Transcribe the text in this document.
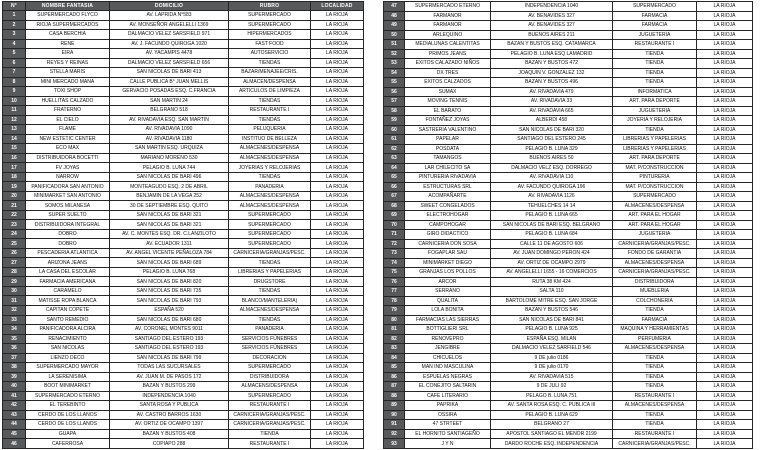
N°	NOMBRE FANTASIA	DOMICILIO	RUBRO	LOCALIDAD
1	SUPERMERCADO FLYCO	AV. LAPRIDA N°583	SUPERMERCADO	LA RIOJA
2	RIOJA SUPERMERCADOS	AV. MONSEÑOR ANGELELLI 1369	SUPERMERCADO	LA RIOJA
3	CASA BERCHIA	DALMACIO VELEZ SARSFIELD 971	HIPERMERCADOS	LA RIOJA
4	RENE	AV. J. FACUNDO QUIROGA 1020	FAST FOOD	LA RIOJA
5	EIRA	AV. YACAMPIS 4478	AUTOSERVICIO	LA RIOJA
6	REYES Y REINAS	DALMACIO VELEZ SARSFIELD 656	TIENDAS	LA RIOJA
7	STELLA MARIS	SAN NICOLAS DE BARI 413	BAZAR/MENAJEE/CRIS.	LA RIOJA
8	MINI MERCADO MANA	CALLE PUBLICA B° JUAN MELLIS	ALMACEN/DESPENSA	LA RIOJA
9	TOXI SHOP	GERVACIO POSADAS ESQ. C.FRANCIA	ARTICULOS DE LIMPIEZA	LA RIOJA
10	HUELLITAS CALZADO	SAN MARTIN 24	TIENDAS	LA RIOJA
11	FRATERNO	BELGRANO 518	RESTAURANTE I	LA RIOJA
12	EL CIELO	AV. RIVADAVIA ESQ. SAN MARTIN	TIENDAS	LA RIOJA
13	FLAME	AV. RIVADAVIA 1090	PELUQUERIA	LA RIOJA
14	NEW ESTETIC CENTER	AV. RIVADAVIA 1180	INSTITUO DE BELLEZA	LA RIOJA
15	ECO MAX	SAN MARTIN ESQ. URQUIZA	ALMACENES/DESPENSA	LA RIOJA
16	DISTRIBUIDORA BOCETTI	MARIANO MORENO 530	ALMACENES/DESPENSA	LA RIOJA
17	FV JOYAS	PELAGIO B. LUNA 744	JOYERIAS Y RELOJERIAS	LA RIOJA
18	NARROW	SAN NICOLAS DE BARI 496	TIENDAS	LA RIOJA
19	PANIFICADORA SAN ANTONIO	MONTEAGUDO ESQ. 2 DE ABRIL	PANADERIA	LA RIOJA
20	MINIMARKET SAN ANTONIO	BENJAMIN DE LA VEGA 252	ALMACENES/DESPENSA	LA RIOJA
21	SOMOS MILANESA	30 DE SEPTIEMBRE ESQ. QUITO	ALMACENES/DESPENSA	LA RIOJA
22	SUPER SUELTO	SAN NICOLAS DE BARI 321	SUPERMERCADO	LA RIOJA
23	DISTRIBUIDORA INTEGRAL	SAN NICOLAS DE BARI 321	SUPERMERCADO	LA RIOJA
24	DOBRO	AV. C. MONTES ESQ. DR. C.LANZILOTO	SUPERMERCADO	LA RIOJA
25	DOBRO	AV. ECUADOR 1311	SUPERMERCADO	LA RIOJA
26	PESCADERIA ATLANTICA	AV. ANGEL VICENTE PEÑALOZA 784	CARNICERIA/GRANJAS/PESC.	LA RIOJA
27	ARIZONA JEANS	SAN NICOLAS DE BARI 689	TIENDAS	LA RIOJA
28	LA CASA DEL ESCOLAR	PELAGIO B. LUNA 768	LIBRERIAS Y PAPELERIAS	LA RIOJA
29	FARMACIA AMERICANA	SAN NICOLAS DE BARI 820	DRUGSTORE	LA RIOJA
30	CARAMELO	SAN NICOLAS DE BARI 735	TIENDAS	LA RIOJA
31	MATISSE ROPA BLANCA	SAN NICOLAS DE BARI 793	BLANCO/MANTELERIA)	LA RIOJA
32	CAPITAN COPETE	ESPAÑA 520	ALMACENES/DESPENSA	LA RIOJA
33	SANTO REMEDIO	SAN NICOLAS DE BARI 680	TIENDAS	LA RIOJA
34	PANIFICADORA ALCIRA	AV. CORONEL MONTES 9011	PANADERIA	LA RIOJA
35	RENACIMIENTO	SANTIAGO DEL ESTERO 193	SERVICIOS FÚNEBRES	LA RIOJA
36	SAN NICOLAS	SANTIAGO DEL ESTERO 193	SERVICIOS FÚNEBRES	LA RIOJA
37	LIENZO DECO	SAN NICOLAS DE BARI 799	DECORACION	LA RIOJA
38	SUPERMERCADO MAYOR	TODAS LAS SUCURSALES	SUPERMERCADO	LA RIOJA
39	LA SERENISIMA	AV. JUAN M. DE PASOS 172	DISTRIBUIDORA	LA RIOJA
40	BOOT MINIMARKET	BAZAN Y BUSTOS 299	ALMACENS/DESPENSA	LA RIOJA
41	SUPERMERCADO ETERNO	INDEPENDENCIA 1040	SUPERMERCADO	LA RIOJA
42	EL TEREBINTO	SANTA ROSA Y PUBLICA	RESTAURANTE I	LA RIOJA
43	CERDO DE LOS LLANOS	AV. CASTRO BARROS 1630	CARNICERIA/GRANJAS/PESC.	LA RIOJA
44	CERDO DE LOS LLANOS	AV. ORTIZ DE OCAMPO 1397	CARNICERIA/GRANJAS/PESC.	LA RIOJA
45	GUAPA	BAZAN Y BUSTOS 408	TIENDA	LA RIOJA
46	CAFERROSA	COPIAPO 288	RESTAURANTE I	LA RIOJA
47	SUPERMERCADO ETERNO	INDEPENDENCIA 1040	SUPERMERCADO	LA RIOJA
48	FARMANOR	AV. BENAVIDES 327	FARMACIA	LA RIOJA
49	FARMANOR	AV. BENAVIDES 327	FARMACIA	LA RIOJA
50	ARLEQUINO	BUENOS AIRES 211	JUGUETERIA	LA RIOJA
51	MEDIALUNAS CALENTITAS	BAZAN Y BUSTOS ESQ. CATAMARCA	RESTAURANTE I	LA RIOJA
52	PRIMOS JEANS	PELAGIO B. LUNA ESQ LAMADRID	TIENDA	LA RIOJA
53	EXITOS CALAZADO NIÑOS	BAZAN Y BUSTOS 472	TIENDA	LA RIOJA
54	DX TRES	JOAQUIN V. GONZALEZ 132	TIENDA	LA RIOJA
55	EXITOS CALZADOS	BAZAN Y BUSTOS 496	TIENDA	LA RIOJA
56	SUMAX	AV. RIVADAVIA 479	INFORMATICA	LA RIOJA
57	MOVING TENNIS	AV. RIVADAVIA 33	ART. PARA DEPORTE	LA RIOJA
58	EL BARATO	AV. RIVADAVIA 665	JUGUETERIA	LA RIOJA
59	FONTAÑEZ JOYAS	ALBERDI 458	JOYERIA Y RELOJERIA	LA RIOJA
60	SASTRERIA VALENTINO	SAN NICOLAS DE BARI 320	TIENDA	LA RIOJA
61	PAPELAR	SANTIAGO DEL ESTERO 245	LIBRERIAS Y PAPELERIAS	LA RIOJA
62	POSDATA	PELAGIO B. LUNA 329	LIBRERIAS Y PAPELERIAS	LA RIOJA
63	TAMANGOS	BUENOS AIRES 50	ART. PARA DEPORTE	LA RIOJA
64	LAR CHILECITO SA	DALMACIO VELZ ESQ. DORREGO	MAT. P/CONSTRUCCION	LA RIOJA
65	PINTURERIA RIVADAVIA	AV. RIVADAVIA 110	PINTURERIA	LA RIOJA
66	ESTRUCTURAS SRL	AV. FACUNDO QUIROGA 196	MAT. P/CONSTRUCCION	LA RIOJA
67	ACOMPAÑARTE	AV. RIVADAVIA 1126	SUPERMERCADO	LA RIOJA
68	SWEET CONGELADOS	TEHUELCHES 14 14	ALMACENES/DESPENSA	LA RIOJA
69	ELECTROHOGAR	PELAGIO B. LUNA 665	ART. PARA EL HOGAR	LA RIOJA
70	CAMPOHOGAR	SAN NICOLAS DE BARI ESQ. BELGRANO	ART. PARA EL HOGAR	LA RIOJA
71	GIRO DIDACTICO	PELAGIO B. LUNA 684	JUGUETERIA	LA RIOJA
72	CARNICERIA DON SOSA	CALLE 11 DE AGOSTO 606	CARNICERIA/GRANJAS/PESC.	LA RIOJA
73	FOGAPLAR SAU	AV. JUAN DOMINGO PERON 424	FONDO DE GARANTIA	LA RIOJA
74	MINIMARKET DIEGO	AV. ORTIZ DE OCAMPO 2979	ALMACENES/DESPENSA	LA RIOJA
75	GRANJAS LOS POLLOS	AV. ANGELELLI 1655 - 16 COMERCIOS	CARNICERIA/GRANJAS/PESC.	LA RIOJA
76	ARCOR	RUTA 38 KM 424	DISTRIBUIDORA	LA RIOJA
77	SERRANO	SALTA 110	MUEBLERIA	LA RIOJA
78	QUALITA	BARTOLOME MITRE ESQ. SAN JORGE	COLCHONERIA	LA RIOJA
79	LOLA BONITA	BAZAN Y BUSTOS 546	TIENDA	LA RIOJA
80	FARMACIAS LAS SIERRAS	SAN NICOLAS DE BARI 841	FARMACIA	LA RIOJA
81	BOTTIGLIERI SRL	PELAGIO B. LUNA 925	MAQUINA Y HERRAMIENTAS	LA RIOJA
82	RENOVEPRO	ESPAÑA ESQ. MILAN	PERFUMERIA	LA RIOJA
83	JENGIBRE	DALMACIO VELEZ SARFIELD 546	ALMACENES/DESPENSA	LA RIOJA
84	CHICUELOS	9 DE julio 0186	TIENDA	LA RIOJA
85	MAN IND MASCULINA	9 DE julio 0170	TIENDA	LA RIOJA
86	ESPUELAS NEGRAS	AV. RIVADAVIA 515	TIENDA	LA RIOJA
87	EL CONEJITO SALTARIN	9 DE JULI 92	TIENDA	LA RIOJA
88	CAFE LITERARIO	PELAGO B. LUNA 751	RESTAURANTE I	LA RIOJA
89	PAPRIKA	AV. SANTA ROSA ESQ. C. PUBLICA III	ALMACENES/DESPENSA	LA RIOJA
90	OSSIRA	PELAGIO B. LUNA 629	TIENDA	LA RIOJA
91	47 STRTEET	BELGRANO 27	TIENDA	LA RIOJA
92	EL HORNITO SANTIAGEÑO	APOSTOL SANTIAGO EL MENOR 2199	RESTAURANTE I	LA RIOJA
93	J Y N	DARDO ROCHE ESQ. INDEPENDENCIA	CARNICERIA/GRANJAS/PESC.	LA RIOJA
